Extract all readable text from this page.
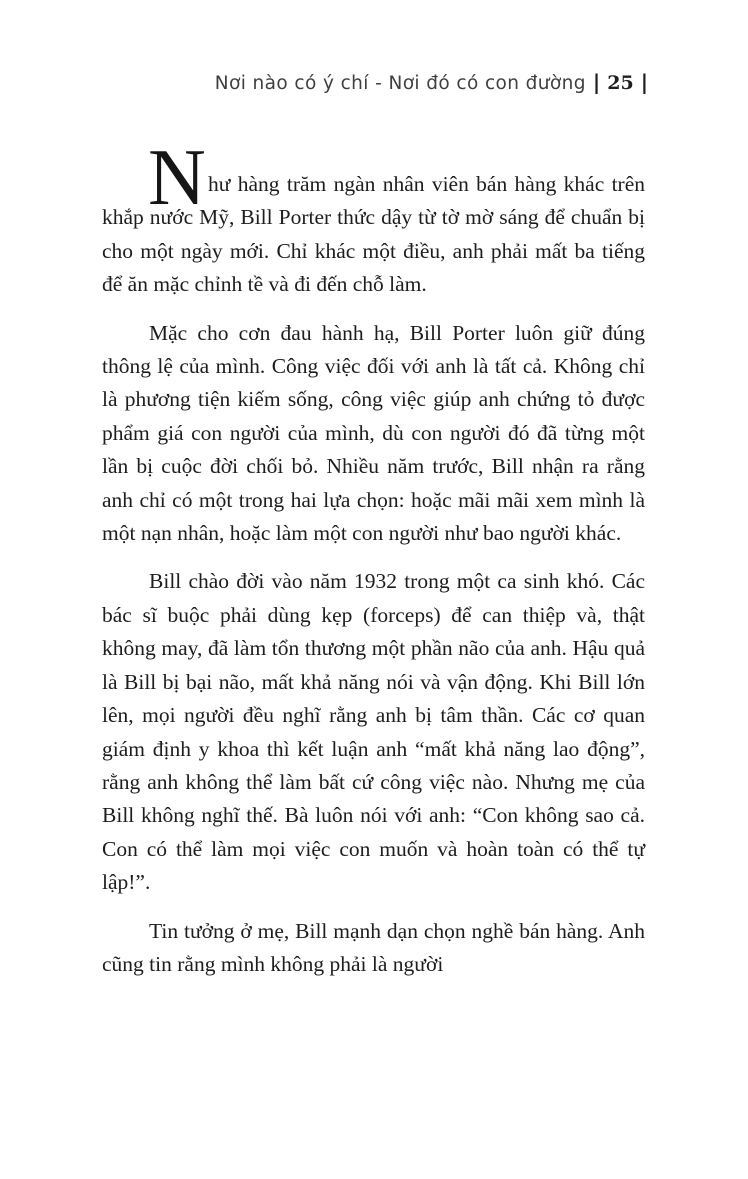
Nơi nào có ý chí - Nơi đó có con đường | 25 |

N hư hàng trăm ngàn nhân viên bán hàng khác trên khắp nước Mỹ, Bill Porter thức dậy từ tờ mờ sáng để chuẩn bị cho một ngày mới. Chỉ khác một điều, anh phải mất ba tiếng để ăn mặc chỉnh tề và đi đến chỗ làm.

Mặc cho cơn đau hành hạ, Bill Porter luôn giữ đúng thông lệ của mình. Công việc đối với anh là tất cả. Không chỉ là phương tiện kiếm sống, công việc giúp anh chứng tỏ được phẩm giá con người của mình, dù con người đó đã từng một lần bị cuộc đời chối bỏ. Nhiều năm trước, Bill nhận ra rằng anh chỉ có một trong hai lựa chọn: hoặc mãi mãi xem mình là một nạn nhân, hoặc làm một con người như bao người khác.

Bill chào đời vào năm 1932 trong một ca sinh khó. Các bác sĩ buộc phải dùng kẹp (forceps) để can thiệp và, thật không may, đã làm tổn thương một phần não của anh. Hậu quả là Bill bị bại não, mất khả năng nói và vận động. Khi Bill lớn lên, mọi người đều nghĩ rằng anh bị tâm thần. Các cơ quan giám định y khoa thì kết luận anh “mất khả năng lao động”, rằng anh không thể làm bất cứ công việc nào. Nhưng mẹ của Bill không nghĩ thế. Bà luôn nói với anh: “Con không sao cả. Con có thể làm mọi việc con muốn và hoàn toàn có thể tự lập!”.

Tin tưởng ở mẹ, Bill mạnh dạn chọn nghề bán hàng. Anh cũng tin rằng mình không phải là người
